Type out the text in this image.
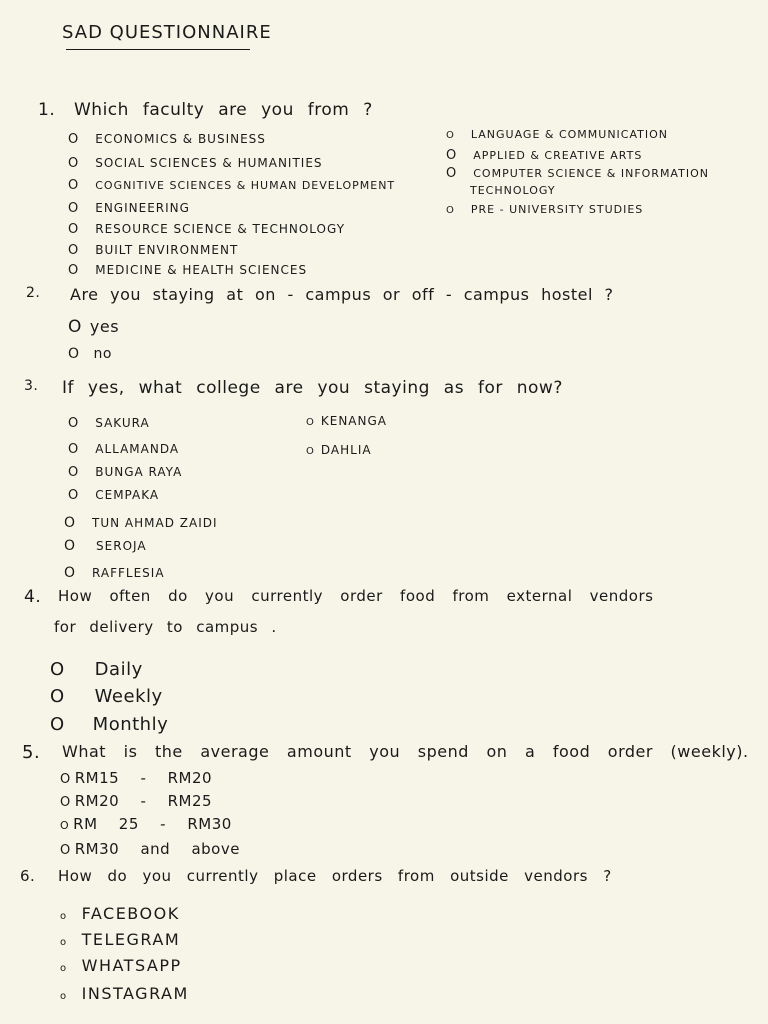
SAD QUESTIONNAIRE
1. Which faculty are you from ?
O ECONOMICS & BUSINESS
O SOCIAL SCIENCES & HUMANITIES
O COGNITIVE SCIENCES & HUMAN DEVELOPMENT
O ENGINEERING
O RESOURCE SCIENCE & TECHNOLOGY
O BUILT ENVIRONMENT
O MEDICINE & HEALTH SCIENCES
O LANGUAGE & COMMUNICATION
O APPLIED & CREATIVE ARTS
O COMPUTER SCIENCE & INFORMATION
TECHNOLOGY
O PRE - UNIVERSITY STUDIES
2. Are you staying at on - campus or off - campus hostel ?
O yes
O no
3. If yes, what college are you staying as for now?
O SAKURA
O ALLAMANDA
O BUNGA RAYA
O CEMPAKA
O TUN AHMAD ZAIDI
O SEROJA
O RAFFLESIA
O KENANGA
O DAHLIA
4. How often do you currently order food from external vendors
for delivery to campus .
O Daily
O Weekly
O Monthly
5. What is the average amount you spend on a food order (weekly).
O RM15 - RM20
O RM20 - RM25
O RM 25 - RM30
O RM30 and above
6. How do you currently place orders from outside vendors ?
o FACEBOOK
o TELEGRAM
o WHATSAPP
o INSTAGRAM
